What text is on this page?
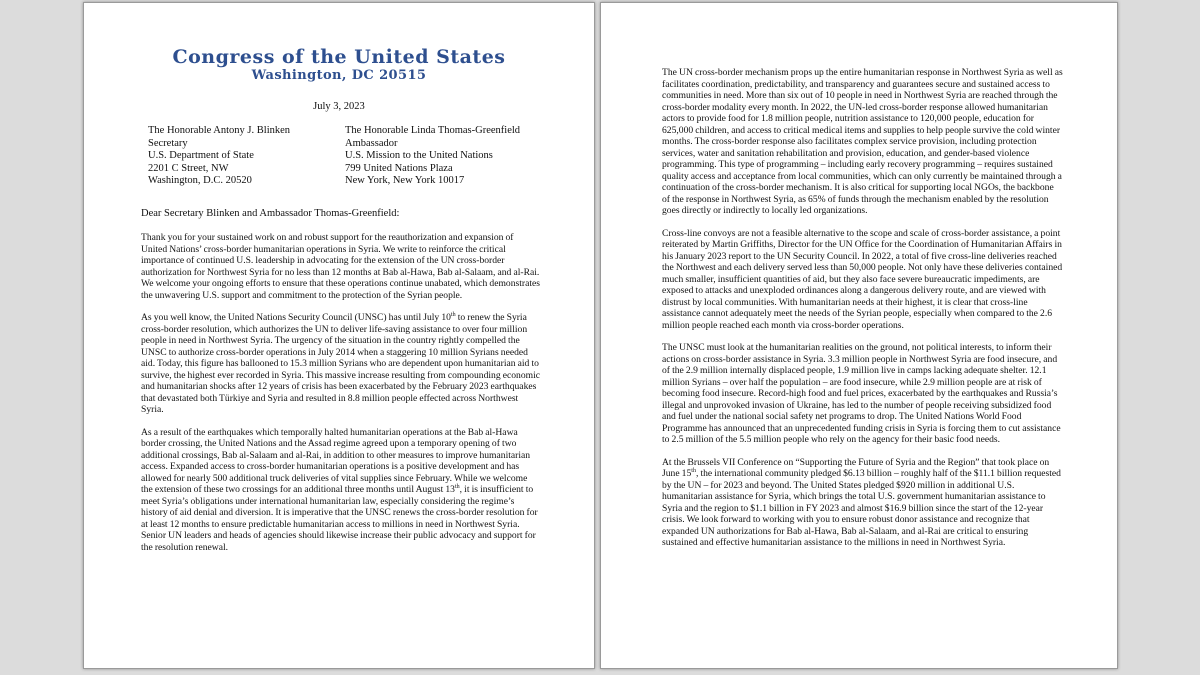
Congress of the United States
Washington, DC 20515
July 3, 2023
The Honorable Antony J. Blinken
Secretary
U.S. Department of State
2201 C Street, NW
Washington, D.C. 20520
The Honorable Linda Thomas-Greenfield
Ambassador
U.S. Mission to the United Nations
799 United Nations Plaza
New York, New York 10017
Dear Secretary Blinken and Ambassador Thomas-Greenfield:

Thank you for your sustained work on and robust support for the reauthorization and expansion of United Nations’ cross-border humanitarian operations in Syria. We write to reinforce the critical importance of continued U.S. leadership in advocating for the extension of the UN cross-border authorization for Northwest Syria for no less than 12 months at Bab al-Hawa, Bab al-Salaam, and al-Rai. We welcome your ongoing efforts to ensure that these operations continue unabated, which demonstrates the unwavering U.S. support and commitment to the protection of the Syrian people.

As you well know, the United Nations Security Council (UNSC) has until July 10th to renew the Syria cross-border resolution, which authorizes the UN to deliver life-saving assistance to over four million people in need in Northwest Syria. The urgency of the situation in the country rightly compelled the UNSC to authorize cross-border operations in July 2014 when a staggering 10 million Syrians needed aid. Today, this figure has ballooned to 15.3 million Syrians who are dependent upon humanitarian aid to survive, the highest ever recorded in Syria. This massive increase resulting from compounding economic and humanitarian shocks after 12 years of crisis has been exacerbated by the February 2023 earthquakes that devastated both Türkiye and Syria and resulted in 8.8 million people effected across Northwest Syria.

As a result of the earthquakes which temporally halted humanitarian operations at the Bab al-Hawa border crossing, the United Nations and the Assad regime agreed upon a temporary opening of two additional crossings, Bab al-Salaam and al-Rai, in addition to other measures to improve humanitarian access. Expanded access to cross-border humanitarian operations is a positive development and has allowed for nearly 500 additional truck deliveries of vital supplies since February. While we welcome the extension of these two crossings for an additional three months until August 13th, it is insufficient to meet Syria’s obligations under international humanitarian law, especially considering the regime’s history of aid denial and diversion. It is imperative that the UNSC renews the cross-border resolution for at least 12 months to ensure predictable humanitarian access to millions in need in Northwest Syria. Senior UN leaders and heads of agencies should likewise increase their public advocacy and support for the resolution renewal.

The UN cross-border mechanism props up the entire humanitarian response in Northwest Syria as well as facilitates coordination, predictability, and transparency and guarantees secure and sustained access to communities in need. More than six out of 10 people in need in Northwest Syria are reached through the cross-border modality every month. In 2022, the UN-led cross-border response allowed humanitarian actors to provide food for 1.8 million people, nutrition assistance to 120,000 people, education for 625,000 children, and access to critical medical items and supplies to help people survive the cold winter months. The cross-border response also facilitates complex service provision, including protection services, water and sanitation rehabilitation and provision, education, and gender-based violence programming. This type of programming – including early recovery programming – requires sustained quality access and acceptance from local communities, which can only currently be maintained through a continuation of the cross-border mechanism. It is also critical for supporting local NGOs, the backbone of the response in Northwest Syria, as 65% of funds through the mechanism enabled by the resolution goes directly or indirectly to locally led organizations.

Cross-line convoys are not a feasible alternative to the scope and scale of cross-border assistance, a point reiterated by Martin Griffiths, Director for the UN Office for the Coordination of Humanitarian Affairs in his January 2023 report to the UN Security Council. In 2022, a total of five cross-line deliveries reached the Northwest and each delivery served less than 50,000 people. Not only have these deliveries contained much smaller, insufficient quantities of aid, but they also face severe bureaucratic impediments, are exposed to attacks and unexploded ordinances along a dangerous delivery route, and are viewed with distrust by local communities. With humanitarian needs at their highest, it is clear that cross-line assistance cannot adequately meet the needs of the Syrian people, especially when compared to the 2.6 million people reached each month via cross-border operations.

The UNSC must look at the humanitarian realities on the ground, not political interests, to inform their actions on cross-border assistance in Syria. 3.3 million people in Northwest Syria are food insecure, and of the 2.9 million internally displaced people, 1.9 million live in camps lacking adequate shelter. 12.1 million Syrians – over half the population – are food insecure, while 2.9 million people are at risk of becoming food insecure. Record-high food and fuel prices, exacerbated by the earthquakes and Russia’s illegal and unprovoked invasion of Ukraine, has led to the number of people receiving subsidized food and fuel under the national social safety net programs to drop. The United Nations World Food Programme has announced that an unprecedented funding crisis in Syria is forcing them to cut assistance to 2.5 million of the 5.5 million people who rely on the agency for their basic food needs.

At the Brussels VII Conference on “Supporting the Future of Syria and the Region” that took place on June 15th, the international community pledged $6.13 billion – roughly half of the $11.1 billion requested by the UN – for 2023 and beyond. The United States pledged $920 million in additional U.S. humanitarian assistance for Syria, which brings the total U.S. government humanitarian assistance to Syria and the region to $1.1 billion in FY 2023 and almost $16.9 billion since the start of the 12-year crisis. We look forward to working with you to ensure robust donor assistance and recognize that expanded UN authorizations for Bab al-Hawa, Bab al-Salaam, and al-Rai are critical to ensuring sustained and effective humanitarian assistance to the millions in need in Northwest Syria.
